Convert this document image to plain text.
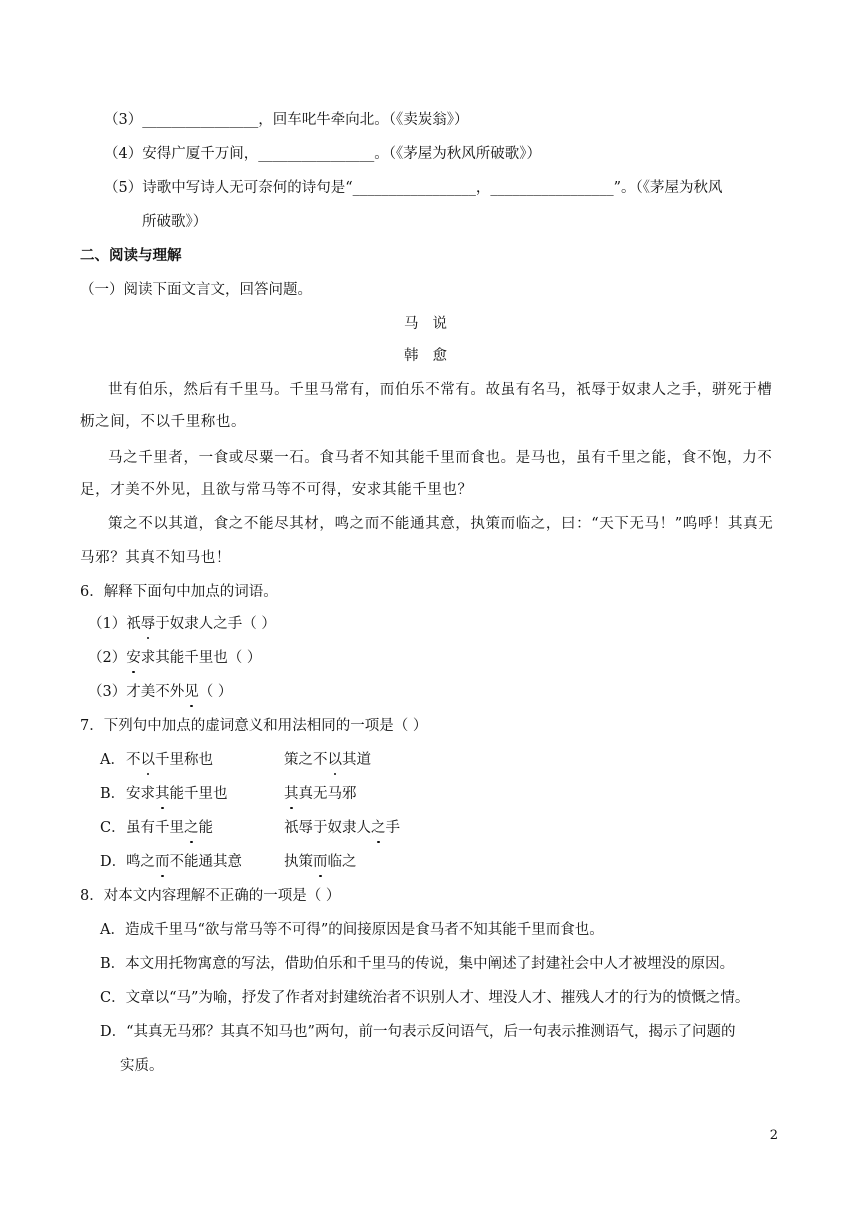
（3）________________，回车叱牛牵向北。（《卖炭翁》）
（4）安得广厦千万间，________________。（《茅屋为秋风所破歌》）
（5）诗歌中写诗人无可奈何的诗句是“_________________，_________________”。（《茅屋为秋风
所破歌》）
二、阅读与理解
（一）阅读下面文言文，回答问题。
马说
韩愈
世有伯乐，然后有千里马。千里马常有，而伯乐不常有。故虽有名马，祇辱于奴隶人之手，骈死于槽
枥之间，不以千里称也。
马之千里者，一食或尽粟一石。食马者不知其能千里而食也。是马也，虽有千里之能，食不饱，力不
足，才美不外见，且欲与常马等不可得，安求其能千里也？
策之不以其道，食之不能尽其材，鸣之而不能通其意，执策而临之，曰：“天下无马！”呜呼！其真无
马邪？其真不知马也！
6．解释下面句中加点的词语。
（1）祇辱于奴隶人之手（ ）
（2）安求其能千里也（ ）
（3）才美不外见（ ）
7．下列句中加点的虚词意义和用法相同的一项是（ ）
A． 不以千里称也	策之不以其道
B． 安求其能千里也	其真无马邪
C． 虽有千里之能	祇辱于奴隶人之手
D． 鸣之而不能通其意	执策而临之
8．对本文内容理解不正确的一项是（ ）
A．造成千里马“欲与常马等不可得”的间接原因是食马者不知其能千里而食也。
B．本文用托物寓意的写法，借助伯乐和千里马的传说，集中阐述了封建社会中人才被埋没的原因。
C．文章以“马”为喻，抒发了作者对封建统治者不识别人才、埋没人才、摧残人才的行为的愤慨之情。
D．“其真无马邪？其真不知马也”两句，前一句表示反问语气，后一句表示推测语气，揭示了问题的
实质。
2
